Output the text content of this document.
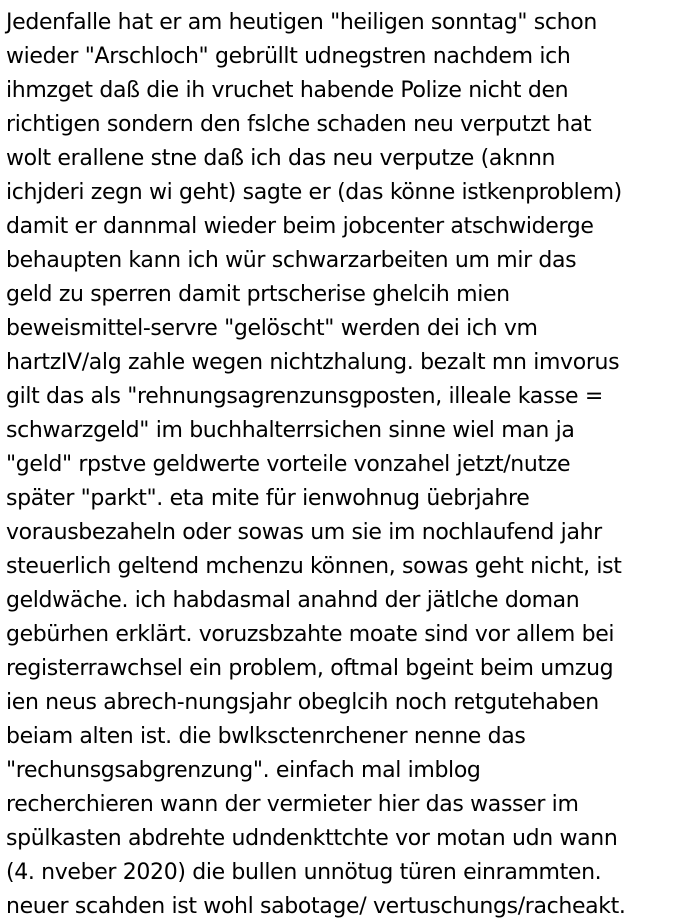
Jedenfalle hat er am heutigen "heiligen sonntag" schon
wieder "Arschloch" gebrüllt udnegstren nachdem ich
ihmzget daß die ih vruchet habende Polize nicht den
richtigen sondern den fslche schaden neu verputzt hat
wolt erallene stne daß ich das neu verputze (aknnn
ichjderi zegn wi geht) sagte er (das könne istkenproblem)
damit er dannmal wieder beim jobcenter atschwiderge
behaupten kann ich wür schwarzarbeiten um mir das
geld zu sperren damit prtscherise ghelcih mien
beweismittel-servre "gelöscht" werden dei ich vm
hartzIV/alg zahle wegen nichtzhalung. bezalt mn imvorus
gilt das als "rehnungsagrenzunsgposten, illeale kasse =
schwarzgeld" im buchhalterrsichen sinne wiel man ja
"geld" rpstve geldwerte vorteile vonzahel jetzt/nutze
später "parkt". eta mite für ienwohnug üebrjahre
vorausbezaheln oder sowas um sie im nochlaufend jahr
steuerlich geltend mchenzu können, sowas geht nicht, ist
geldwäche. ich habdasmal anahnd der jätlche doman
gebürhen erklärt. voruzsbzahte moate sind vor allem bei
registerrawchsel ein problem, oftmal bgeint beim umzug
ien neus abrech-nungsjahr obeglcih noch retgutehaben
beiam alten ist. die bwlksctenrchener nenne das
"rechunsgsabgrenzung". einfach mal imblog
recherchieren wann der vermieter hier das wasser im
spülkasten abdrehte udndenkttchte vor motan udn wann
(4. nveber 2020) die bullen unnötug türen einrammten.
neuer scahden ist wohl sabotage/ vertuschungs/racheakt.
